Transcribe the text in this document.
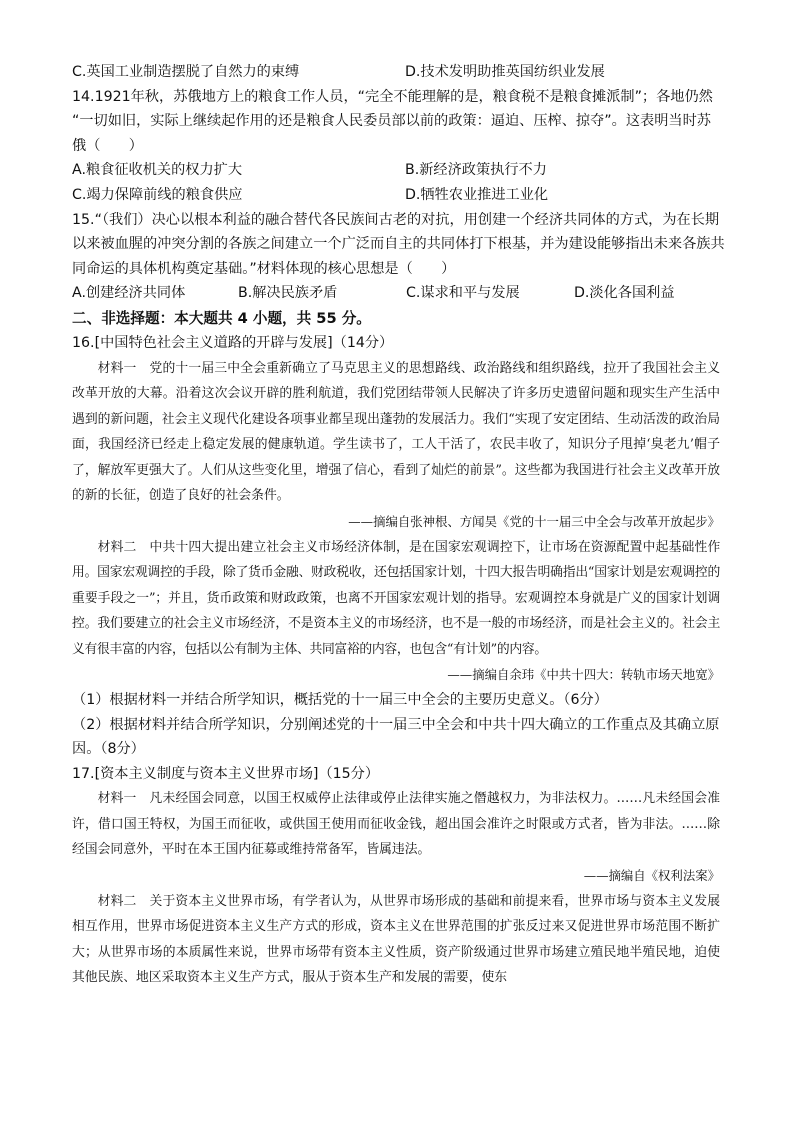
C.英国工业制造摆脱了自然力的束缚	D.技术发明助推英国纺织业发展
14.1921年秋，苏俄地方上的粮食工作人员，“完全不能理解的是，粮食税不是粮食摊派制”；各地仍然
“一切如旧，实际上继续起作用的还是粮食人民委员部以前的政策：逼迫、压榨、掠夺”。这表明当时苏
俄（　　）
A.粮食征收机关的权力扩大	B.新经济政策执行不力
C.竭力保障前线的粮食供应	D.牺牲农业推进工业化
15.“（我们）决心以根本利益的融合替代各民族间古老的对抗，用创建一个经济共同体的方式，为在长期
以来被血腥的冲突分割的各族之间建立一个广泛而自主的共同体打下根基，并为建设能够指出未来各族共
同命运的具体机构奠定基础。”材料体现的核心思想是（　　）
A.创建经济共同体	B.解决民族矛盾	C.谋求和平与发展	D.淡化各国利益
二、非选择题：本大题共 4 小题，共 55 分。
16.[中国特色社会主义道路的开辟与发展]（14分）

材料一　党的十一届三中全会重新确立了马克思主义的思想路线、政治路线和组织路线，拉开了我国社会主义改革开放的大幕。沿着这次会议开辟的胜利航道，我们党团结带领人民解决了许多历史遗留问题和现实生产生活中遇到的新问题，社会主义现代化建设各项事业都呈现出蓬勃的发展活力。我们“实现了安定团结、生动活泼的政治局面，我国经济已经走上稳定发展的健康轨道。学生读书了，工人干活了，农民丰收了，知识分子甩掉‘臭老九’帽子了，解放军更强大了。人们从这些变化里，增强了信心，看到了灿烂的前景”。这些都为我国进行社会主义改革开放的新的长征，创造了良好的社会条件。

——摘编自张神根、方闻昊《党的十一届三中全会与改革开放起步》

材料二　中共十四大提出建立社会主义市场经济体制，是在国家宏观调控下，让市场在资源配置中起基础性作用。国家宏观调控的手段，除了货币金融、财政税收，还包括国家计划，十四大报告明确指出“国家计划是宏观调控的重要手段之一”；并且，货币政策和财政政策，也离不开国家宏观计划的指导。宏观调控本身就是广义的国家计划调控。我们要建立的社会主义市场经济，不是资本主义的市场经济，也不是一般的市场经济，而是社会主义的。社会主义有很丰富的内容，包括以公有制为主体、共同富裕的内容，也包含“有计划”的内容。

——摘编自余玮《中共十四大：转轨市场天地宽》
（1）根据材料一并结合所学知识，概括党的十一届三中全会的主要历史意义。（6分）
（2）根据材料并结合所学知识，分别阐述党的十一届三中全会和中共十四大确立的工作重点及其确立原
因。（8分）
17.[资本主义制度与资本主义世界市场]（15分）

材料一　凡未经国会同意，以国王权威停止法律或停止法律实施之僭越权力，为非法权力。……凡未经国会准许，借口国王特权，为国王而征收，或供国王使用而征收金钱，超出国会准许之时限或方式者，皆为非法。……除经国会同意外，平时在本王国内征募或维持常备军，皆属违法。

——摘编自《权利法案》

材料二　关于资本主义世界市场，有学者认为，从世界市场形成的基础和前提来看，世界市场与资本主义发展相互作用，世界市场促进资本主义生产方式的形成，资本主义在世界范围的扩张反过来又促进世界市场范围不断扩大；从世界市场的本质属性来说，世界市场带有资本主义性质，资产阶级通过世界市场建立殖民地半殖民地，迫使其他民族、地区采取资本主义生产方式，服从于资本生产和发展的需要，使东
